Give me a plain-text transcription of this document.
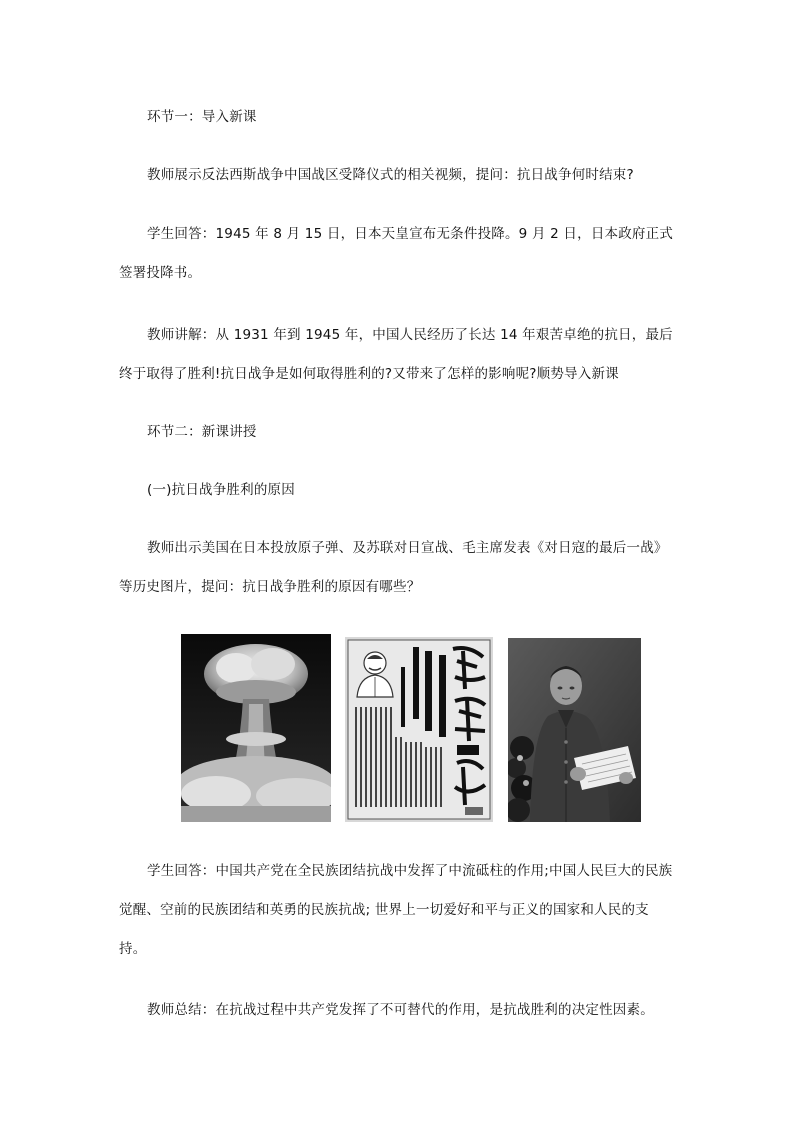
环节一：导入新课
教师展示反法西斯战争中国战区受降仪式的相关视频，提问：抗日战争何时结束?
学生回答：1945 年 8 月 15 日，日本天皇宣布无条件投降。9 月 2 日，日本政府正式签署投降书。
教师讲解：从 1931 年到 1945 年，中国人民经历了长达 14 年艰苦卓绝的抗日，最后终于取得了胜利!抗日战争是如何取得胜利的?又带来了怎样的影响呢?顺势导入新课
环节二：新课讲授
(一)抗日战争胜利的原因
教师出示美国在日本投放原子弹、及苏联对日宣战、毛主席发表《对日寇的最后一战》等历史图片，提问：抗日战争胜利的原因有哪些？
学生回答：中国共产党在全民族团结抗战中发挥了中流砥柱的作用;中国人民巨大的民族觉醒、空前的民族团结和英勇的民族抗战; 世界上一切爱好和平与正义的国家和人民的支持。
教师总结：在抗战过程中共产党发挥了不可替代的作用，是抗战胜利的决定性因素。
